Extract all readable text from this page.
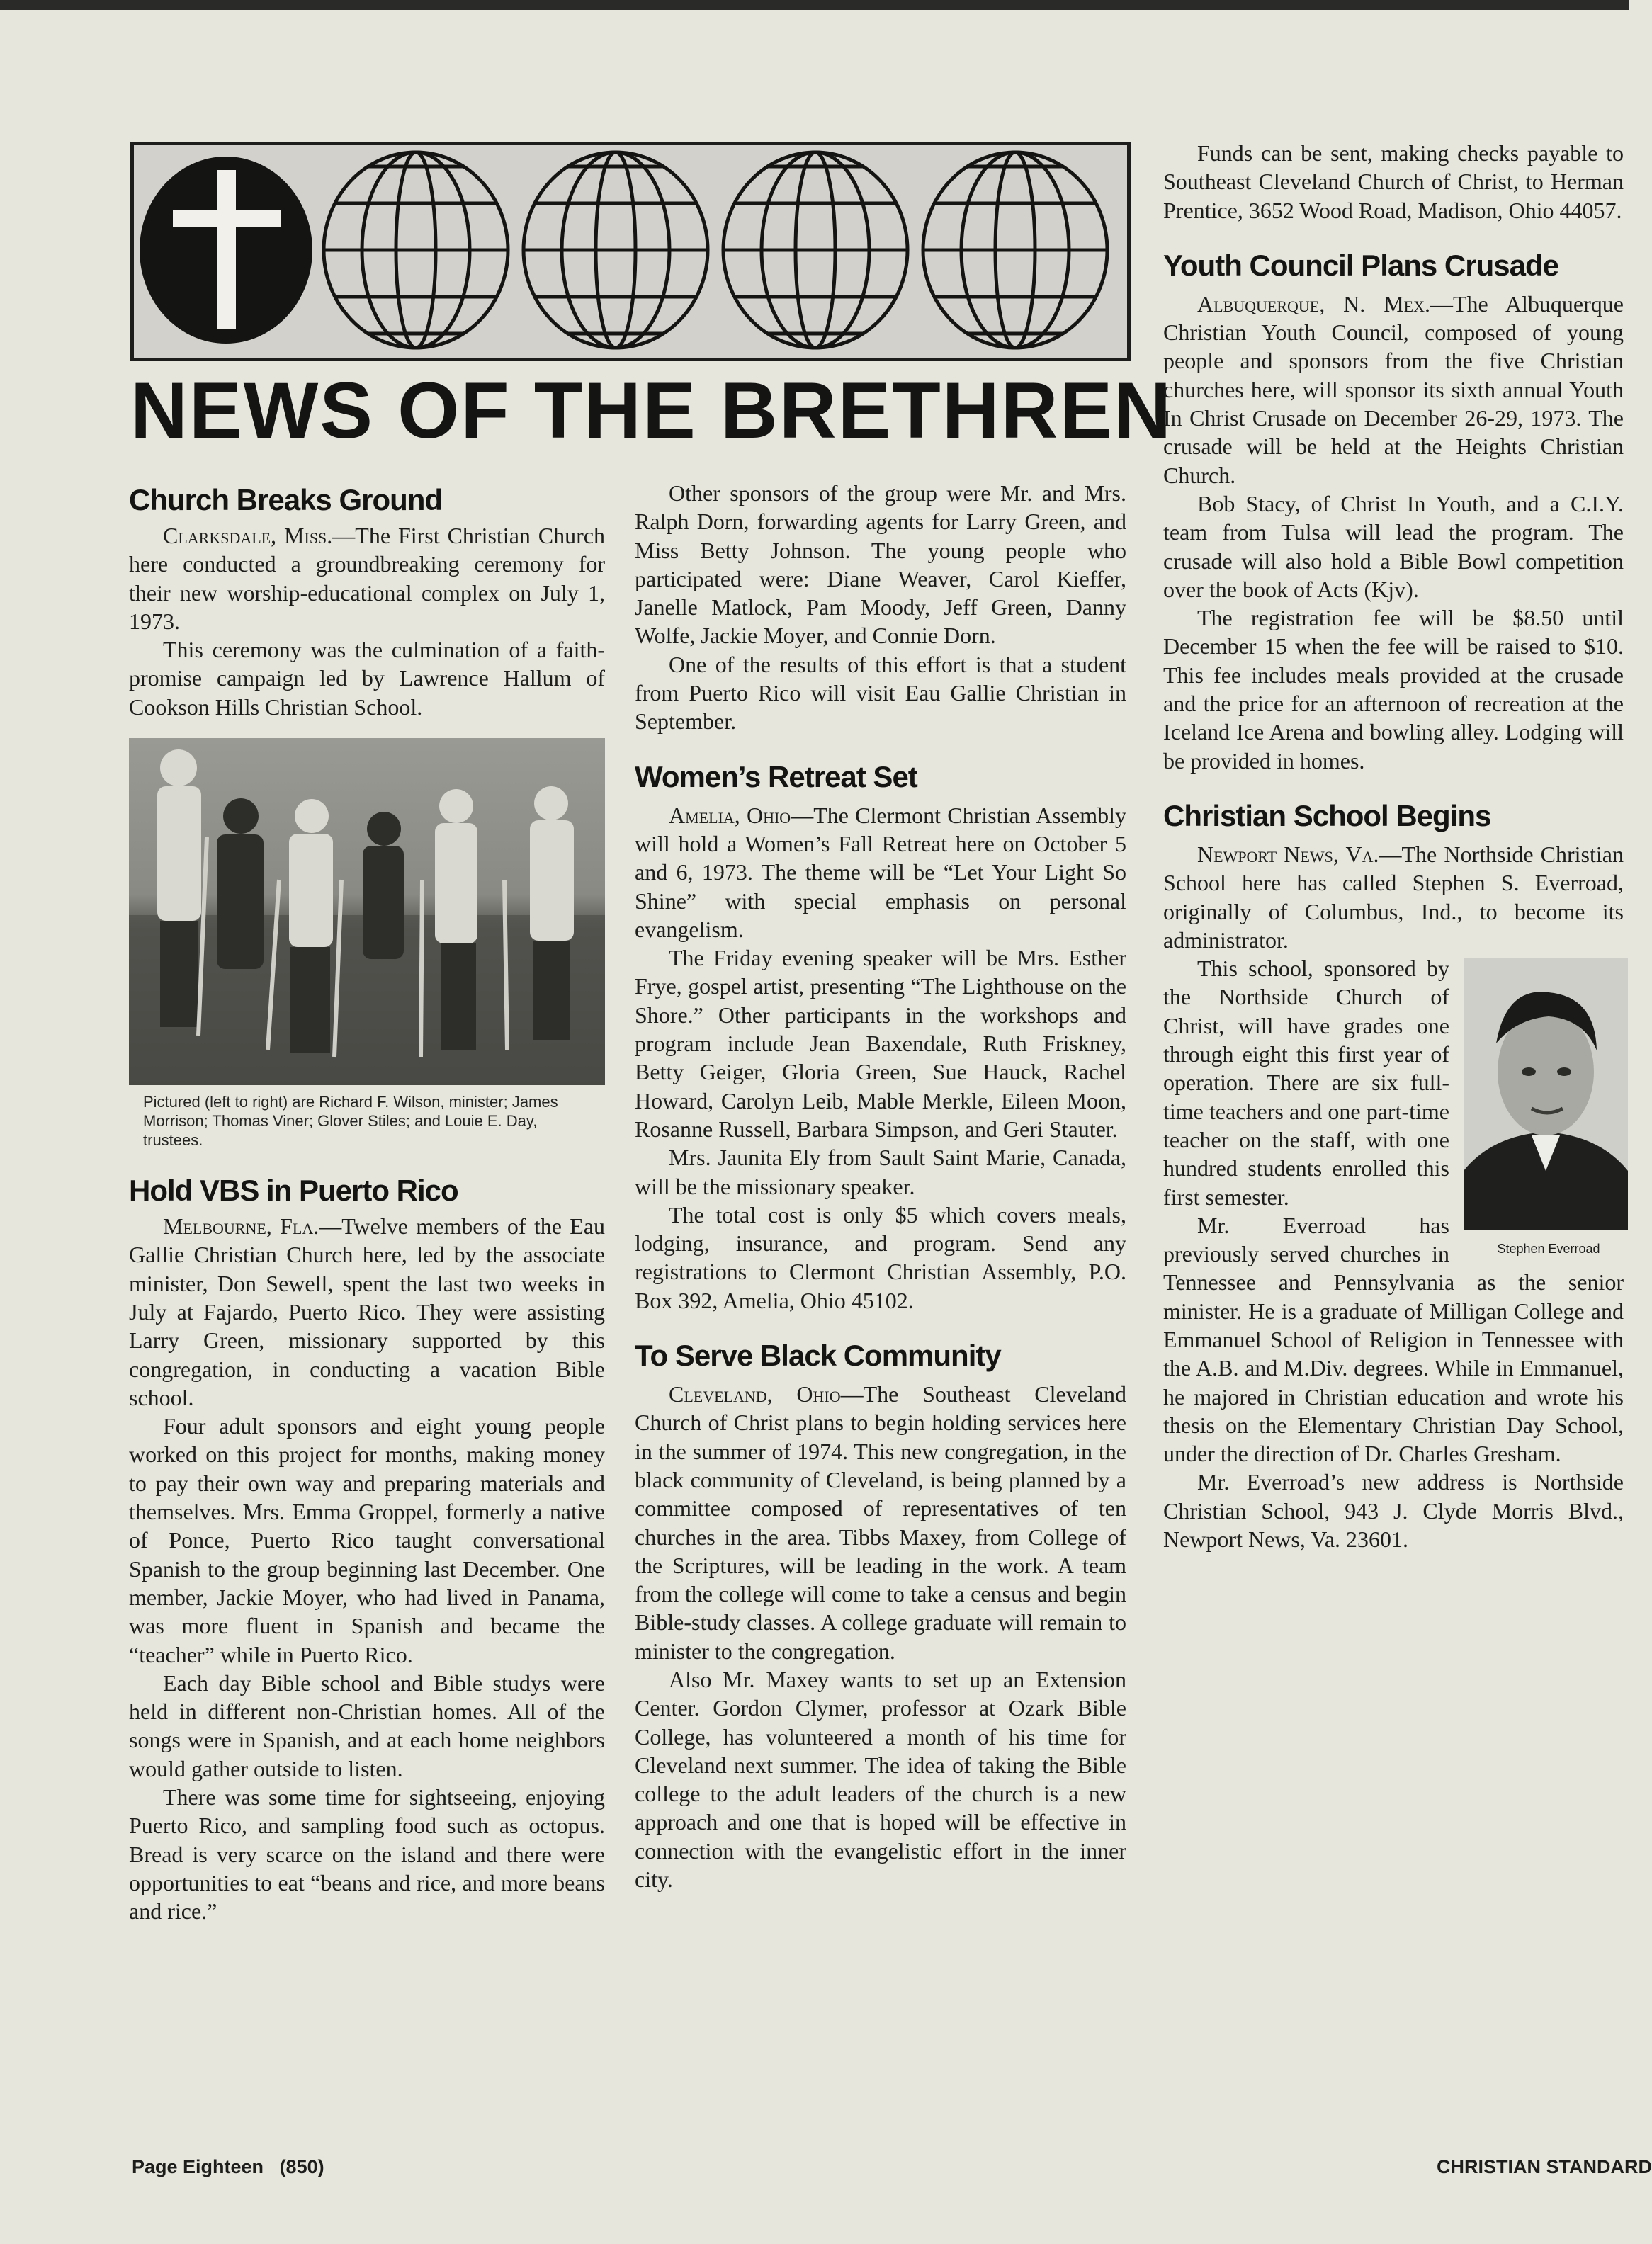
NEWS OF THE BRETHREN
Church Breaks Ground

Clarksdale, Miss.—The First Christian Church here conducted a groundbreaking ceremony for their new worship-educational complex on July 1, 1973.

This ceremony was the culmination of a faith-promise campaign led by Lawrence Hallum of Cookson Hills Christian School.

Pictured (left to right) are Richard F. Wilson, minister; James Morrison; Thomas Viner; Glover Stiles; and Louie E. Day, trustees.
Hold VBS in Puerto Rico

Melbourne, Fla.—Twelve members of the Eau Gallie Christian Church here, led by the associate minister, Don Sewell, spent the last two weeks in July at Fajardo, Puerto Rico. They were assisting Larry Green, missionary supported by this congregation, in conducting a vacation Bible school.

Four adult sponsors and eight young people worked on this project for months, making money to pay their own way and preparing materials and themselves. Mrs. Emma Groppel, formerly a native of Ponce, Puerto Rico taught conversational Spanish to the group beginning last December. One member, Jackie Moyer, who had lived in Panama, was more fluent in Spanish and became the “teacher” while in Puerto Rico.

Each day Bible school and Bible studys were held in different non-Christian homes. All of the songs were in Spanish, and at each home neighbors would gather outside to listen.

There was some time for sightseeing, enjoying Puerto Rico, and sampling food such as octopus. Bread is very scarce on the island and there were opportunities to eat “beans and rice, and more beans and rice.”

Other sponsors of the group were Mr. and Mrs. Ralph Dorn, forwarding agents for Larry Green, and Miss Betty Johnson. The young people who participated were: Diane Weaver, Carol Kieffer, Janelle Matlock, Pam Moody, Jeff Green, Danny Wolfe, Jackie Moyer, and Connie Dorn.

One of the results of this effort is that a student from Puerto Rico will visit Eau Gallie Christian in September.

Women’s Retreat Set

Amelia, Ohio—The Clermont Christian Assembly will hold a Women’s Fall Retreat here on October 5 and 6, 1973. The theme will be “Let Your Light So Shine” with special emphasis on personal evangelism.

The Friday evening speaker will be Mrs. Esther Frye, gospel artist, presenting “The Lighthouse on the Shore.” Other participants in the workshops and program include Jean Baxendale, Ruth Friskney, Betty Geiger, Gloria Green, Sue Hauck, Rachel Howard, Carolyn Leib, Mable Merkle, Eileen Moon, Rosanne Russell, Barbara Simpson, and Geri Stauter.

Mrs. Jaunita Ely from Sault Saint Marie, Canada, will be the missionary speaker.

The total cost is only $5 which covers meals, lodging, insurance, and program. Send any registrations to Clermont Christian Assembly, P.O. Box 392, Amelia, Ohio 45102.

To Serve Black Community

Cleveland, Ohio—The Southeast Cleveland Church of Christ plans to begin holding services here in the summer of 1974. This new congregation, in the black community of Cleveland, is being planned by a committee composed of representatives of ten churches in the area. Tibbs Maxey, from College of the Scriptures, will be leading in the work. A team from the college will come to take a census and begin Bible-study classes. A college graduate will remain to minister to the congregation.

Also Mr. Maxey wants to set up an Extension Center. Gordon Clymer, professor at Ozark Bible College, has volunteered a month of his time for Cleveland next summer. The idea of taking the Bible college to the adult leaders of the church is a new approach and one that is hoped will be effective in connection with the evangelistic effort in the inner city.

Funds can be sent, making checks payable to Southeast Cleveland Church of Christ, to Herman Prentice, 3652 Wood Road, Madison, Ohio 44057.

Youth Council Plans Crusade

Albuquerque, N. Mex.—The Albuquerque Christian Youth Council, composed of young people and sponsors from the five Christian churches here, will sponsor its sixth annual Youth In Christ Crusade on December 26-29, 1973. The crusade will be held at the Heights Christian Church.

Bob Stacy, of Christ In Youth, and a C.I.Y. team from Tulsa will lead the program. The crusade will also hold a Bible Bowl competition over the book of Acts (Kjv).

The registration fee will be $8.50 until December 15 when the fee will be raised to $10. This fee includes meals provided at the crusade and the price for an afternoon of recreation at the Iceland Ice Arena and bowling alley. Lodging will be provided in homes.

Christian School Begins

Newport News, Va.—The Northside Christian School here has called Stephen S. Everroad, originally of Columbus, Ind., to become its administrator.

Stephen Everroad

This school, sponsored by the Northside Church of Christ, will have grades one through eight this first year of operation. There are six full-time teachers and one part-time teacher on the staff, with one hundred students enrolled this first semester.

Mr. Everroad has previously served churches in Tennessee and Pennsylvania as the senior minister. He is a graduate of Milligan College and Emmanuel School of Religion in Tennessee with the A.B. and M.Div. degrees. While in Emmanuel, he majored in Christian education and wrote his thesis on the Elementary Christian Day School, under the direction of Dr. Charles Gresham.

Mr. Everroad’s new address is Northside Christian School, 943 J. Clyde Morris Blvd., Newport News, Va. 23601.

Page Eighteen (850)	CHRISTIAN STANDARD
